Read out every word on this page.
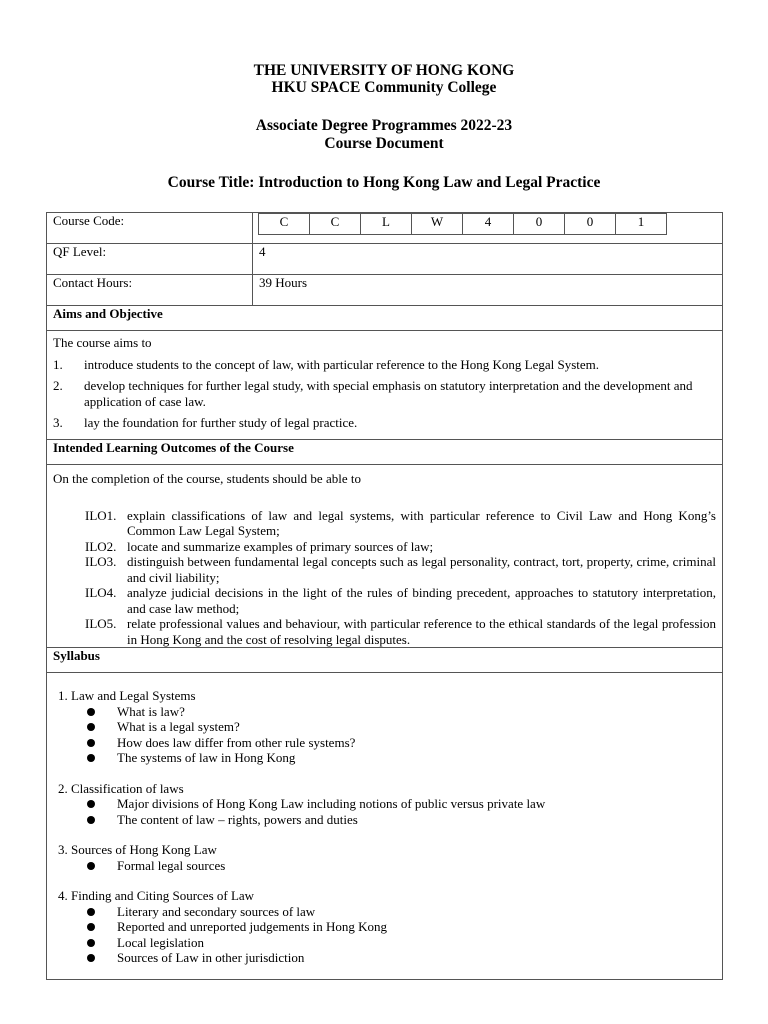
THE UNIVERSITY OF HONG KONG
HKU SPACE Community College
Associate Degree Programmes 2022-23
Course Document
Course Title: Introduction to Hong Kong Law and Legal Practice
Course Code:		C	C	L	W	4	0	0	1

QF Level:	4
Contact Hours:	39 Hours
Aims and Objective

The course aims to

1. introduce students to the concept of law, with particular reference to the Hong Kong Legal System.
2. develop techniques for further legal study, with special emphasis on statutory interpretation and the development and application of case law.
3. lay the foundation for further study of legal practice.

Intended Learning Outcomes of the Course

On the completion of the course, students should be able to

ILO1. explain classifications of law and legal systems, with particular reference to Civil Law and Hong Kong’s Common Law Legal System;
ILO2. locate and summarize examples of primary sources of law;
ILO3. distinguish between fundamental legal concepts such as legal personality, contract, tort, property, crime, criminal and civil liability;
ILO4. analyze judicial decisions in the light of the rules of binding precedent, approaches to statutory interpretation, and case law method;
ILO5. relate professional values and behaviour, with particular reference to the ethical standards of the legal profession in Hong Kong and the cost of resolving legal disputes.

Syllabus

1. Law and Legal Systems

What is law?
What is a legal system?
How does law differ from other rule systems?
The systems of law in Hong Kong

2. Classification of laws

Major divisions of Hong Kong Law including notions of public versus private law
The content of law – rights, powers and duties

3. Sources of Hong Kong Law

Formal legal sources

4. Finding and Citing Sources of Law

Literary and secondary sources of law
Reported and unreported judgements in Hong Kong
Local legislation
Sources of Law in other jurisdiction
